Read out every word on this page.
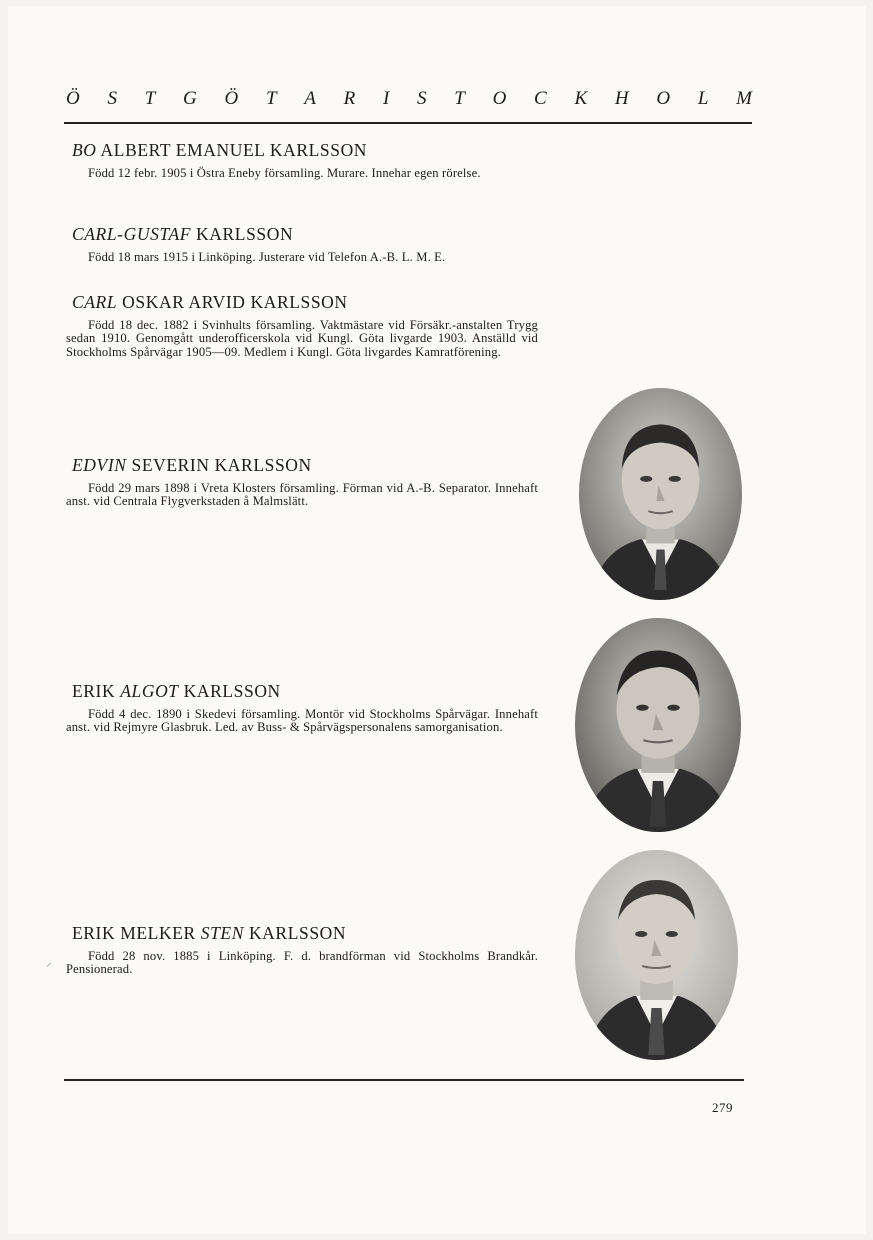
Ö S T G Ö T A R I S T O C K H O L M
BO ALBERT EMANUEL KARLSSON

Född 12 febr. 1905 i Östra Eneby församling. Murare. Innehar egen rörelse.

CARL-GUSTAF KARLSSON

Född 18 mars 1915 i Linköping. Justerare vid Telefon A.-B. L. M. E.

CARL OSKAR ARVID KARLSSON

Född 18 dec. 1882 i Svinhults församling. Vaktmästare vid Försäkr.-anstalten Trygg sedan 1910. Genomgått underofficerskola vid Kungl. Göta livgarde 1903. Anställd vid Stockholms Spårvägar 1905—09. Medlem i Kungl. Göta livgardes Kamratförening.

EDVIN SEVERIN KARLSSON

Född 29 mars 1898 i Vreta Klosters församling. Förman vid A.-B. Separator. Innehaft anst. vid Centrala Flygverkstaden å Malmslätt.

ERIK ALGOT KARLSSON

Född 4 dec. 1890 i Skedevi församling. Montör vid Stockholms Spårvägar. Innehaft anst. vid Rejmyre Glasbruk. Led. av Buss- & Spårvägspersonalens samorganisation.

ERIK MELKER STEN KARLSSON

Född 28 nov. 1885 i Linköping. F. d. brandförman vid Stockholms Brandkår. Pensionerad.

⸝
279
